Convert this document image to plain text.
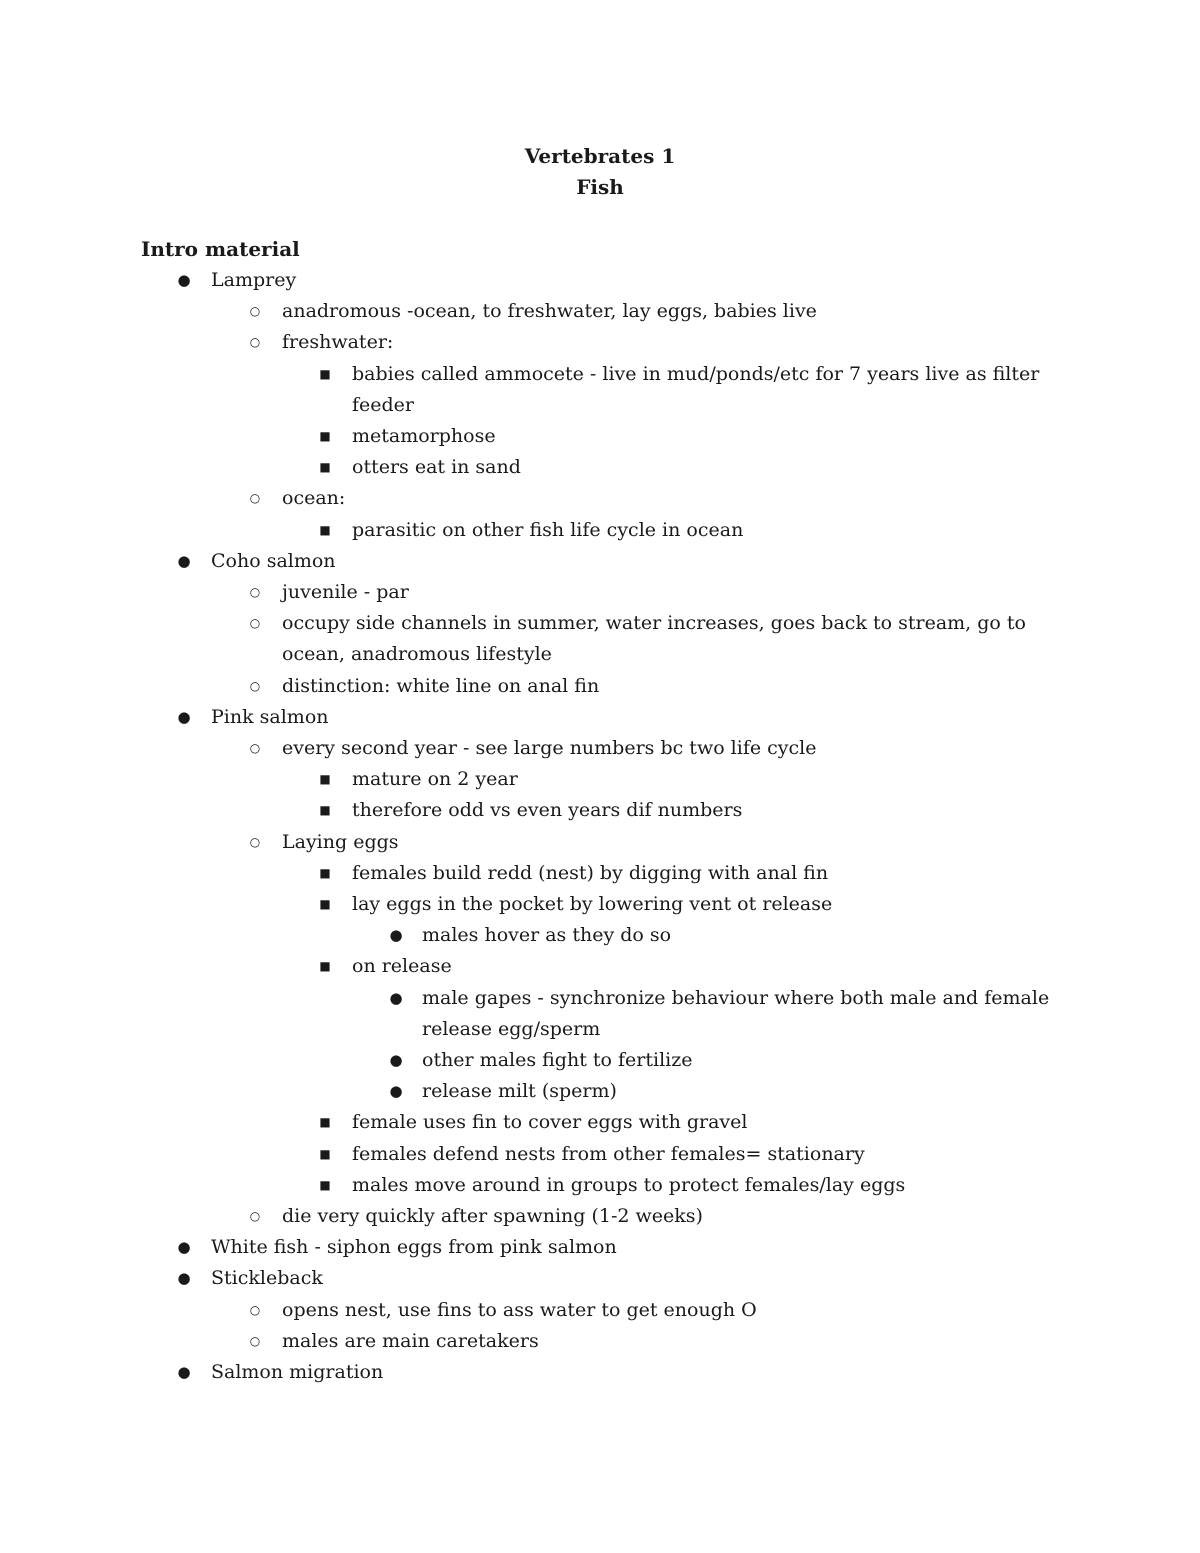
Vertebrates 1
Fish
Intro material
● Lamprey
○ anadromous -ocean, to freshwater, lay eggs, babies live
○ freshwater:
■ babies called ammocete - live in mud/ponds/etc for 7 years live as filter
feeder
■ metamorphose
■ otters eat in sand
○ ocean:
■ parasitic on other fish life cycle in ocean
● Coho salmon
○ juvenile - par
○ occupy side channels in summer, water increases, goes back to stream, go to
ocean, anadromous lifestyle
○ distinction: white line on anal fin
● Pink salmon
○ every second year - see large numbers bc two life cycle
■ mature on 2 year
■ therefore odd vs even years dif numbers
○ Laying eggs
■ females build redd (nest) by digging with anal fin
■ lay eggs in the pocket by lowering vent ot release
● males hover as they do so
■ on release
● male gapes - synchronize behaviour where both male and female
release egg/sperm
● other males fight to fertilize
● release milt (sperm)
■ female uses fin to cover eggs with gravel
■ females defend nests from other females= stationary
■ males move around in groups to protect females/lay eggs
○ die very quickly after spawning (1-2 weeks)
● White fish - siphon eggs from pink salmon
● Stickleback
○ opens nest, use fins to ass water to get enough O
○ males are main caretakers
● Salmon migration
